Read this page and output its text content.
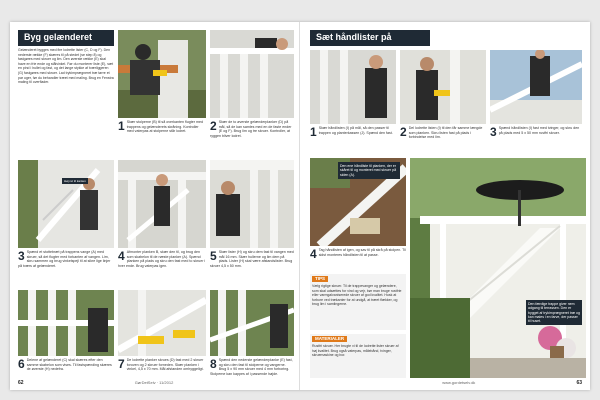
Byg gelænderet
Gelænderet bygges med fire lodrette lister (C, D og F). Den nederste række (F) skæres til på stedet (se step 8) og fastgøres med skruer og lim. Den øverste række (E) skal have en frie ende og stålvinkel. Før du monterer liste (E), sæt en pind i hullet og fast, og det lange stykke af tværliggeren (G) fastgøres med skruer. Lad trykimprægneret træ tørre et par uger, før du behandler træet med maling. Brug en Fenstra maling til overflader.
1 Skær stolperne (B) til så overkanten flugter med trappens og gelænderets skråning. Kontroller med vaterpas at stolperne står lodret.	2 Skær de to øverste gelænderplanker (D) på mål, så de kan samles med en de faste ender (E og F). Brug lim og tre skruer. Kontroller, at ryggen bliver lodret.
Høj ret til kanten
3 Spænd et stottebræt på trappens vange (A) med skruer, så det flugter med forkanten af vangen. Lim, skru sammen og brug vinkelspejl til at sikre lige linjer på tværs af gelænderet.
4 Afmonter planken B, skær den til, og brug den som skabelon til de næste planker (A). Spænd planken på plads og skru den fast med to skruer i hver ende. Brug vaterpas igen.
5 Skær lister (H) og skru dem fast til vangen med mål 16 mm. Skær hullerne og lim dem på plads. Lister (H) skal være afstandslister. Brug skruer 4,5 x 50 mm.
6 Delene af gelænderet (C) skal skæres efter den samme skabelon som vises. Til fastspænding skæres de øverste (H) nedefra.	7 De lodrette planker skrues (D) fast med 2 skruer foroven og 2 skruer forneden. Skær planken i vinkel, 4,5 x 70 mm. Mål afstanden omhyggeligt. 8 Spænd den nederste gelænderplanke (E) fast, og skru den fast til stolperne og vangerne. Brug 5 x 90 mm skruer med 4 mm forboring. Stolperne kan kappes af i passende højde.
62	GørDetSelv · 11/2012
Sæt håndlister på
1 Skær håndlisten (I) på mål, så den passer til trappen og planterkassen (J). Spænd den fast. 2 Del lodrette listen (I) til den får samme længde som planken. Skru listen fast på plads i forbindelse med lim.	3 Spænd håndlisten (I) fast med tvinger, og skru den på plads med 5 x 50 mm rustfri skruer.
Den ene håndliste til planken, der er skåret til og monteret med skruer på siden (A).
4 Tag håndlisten af igen, og sav til på skrå på stolpen. Til sidst monteres håndlisten til at passe.
TIPS
Vælg rigtige skruer. Til de trappevanger og gelændere, som skal udsættes for vind og vejr, bør man bruge rustfrie eller varmgalvaniserede skruer af god kvalitet. Husk at forbore ved trækanter for at undgå, at træet flækker, og brug lim i samlingerne.
MATERIALER
Rustfri skruer. Her brugte vi til de lodrette lister skruer af høj kvalitet. Brug også vaterpas, målebånd, tvinger, skruemaskine og bor.
Den færdige trappe giver nem adgang til terrassen. Den er bygget af trykimprægneret træ og kan males i en farve, der passer til huset.
www.gordetselv.dk	63
